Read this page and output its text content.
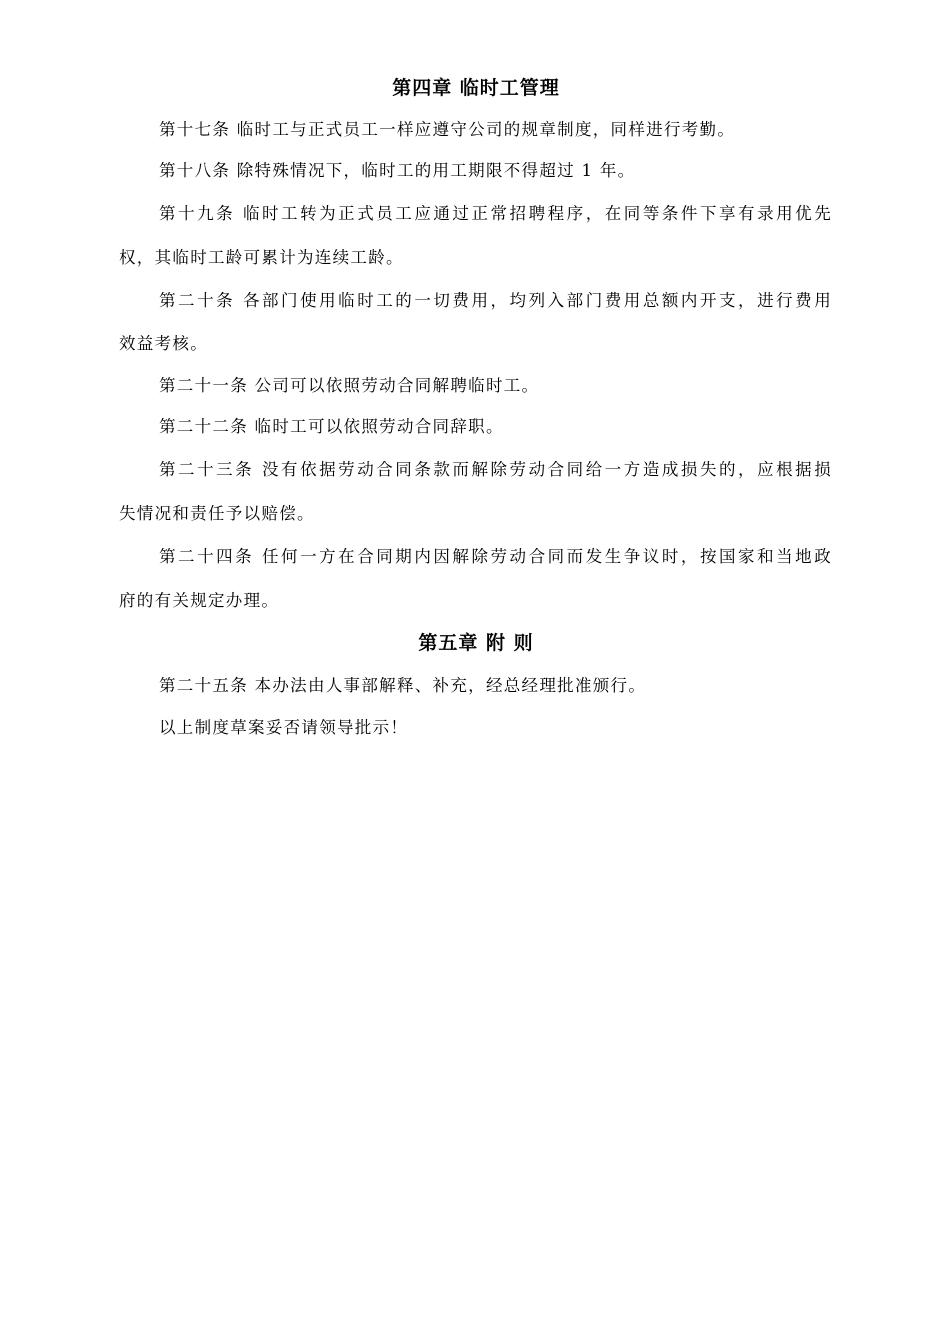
第四章 临时工管理
第十七条 临时工与正式员工一样应遵守公司的规章制度，同样进行考勤。
第十八条 除特殊情况下，临时工的用工期限不得超过 1 年。
第十九条 临时工转为正式员工应通过正常招聘程序，在同等条件下享有录用优先
权，其临时工龄可累计为连续工龄。
第二十条 各部门使用临时工的一切费用，均列入部门费用总额内开支，进行费用
效益考核。
第二十一条 公司可以依照劳动合同解聘临时工。
第二十二条 临时工可以依照劳动合同辞职。
第二十三条 没有依据劳动合同条款而解除劳动合同给一方造成损失的，应根据损
失情况和责任予以赔偿。
第二十四条 任何一方在合同期内因解除劳动合同而发生争议时，按国家和当地政
府的有关规定办理。
第五章 附 则
第二十五条 本办法由人事部解释、补充，经总经理批准颁行。
以上制度草案妥否请领导批示！
